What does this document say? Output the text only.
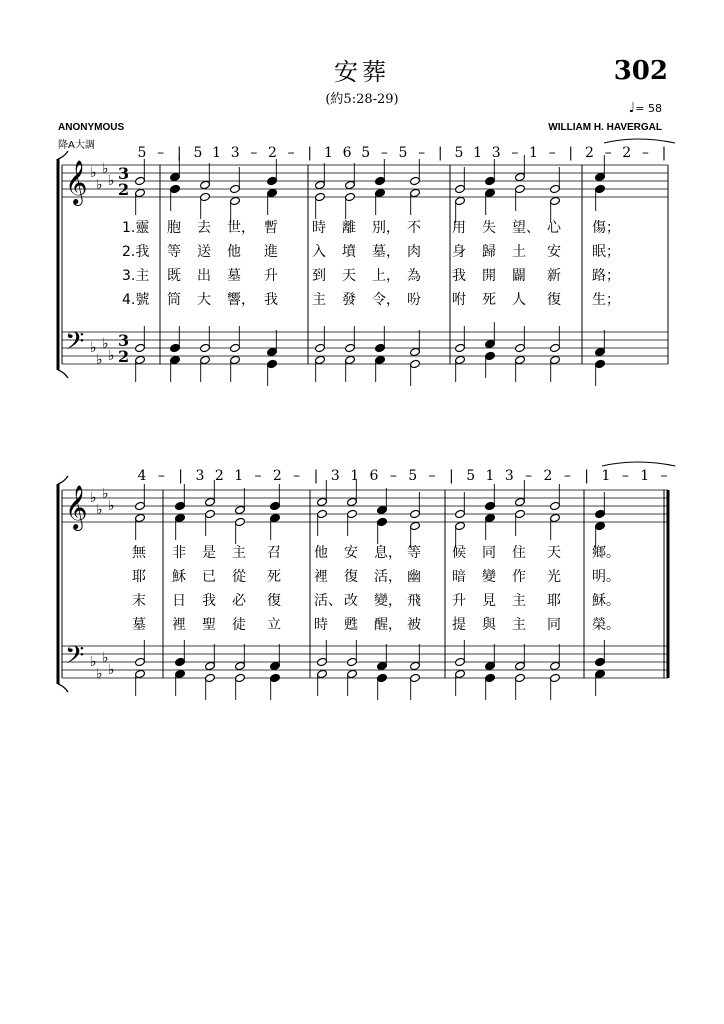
安葬
(約5:28-29)
302
♩= 58
ANONYMOUS
降A大調
WILLIAM H. HAVERGAL
𝄞
𝄢
♭
♭
♭
♭
♭
♭
♭
♭
3
2
3
2
5 – | 5 1 3 – 2 – | 1 6 5 – 5 – | 5 1 3 – 1 – | 2 – 2 – |
1.靈 胞 去 世， 暫 時 離 別， 不 用 失 望、 心 傷；
2.我 等 送 他 進 入 墳 墓， 肉 身 歸 土 安 眠；
3.主 既 出 墓 升 到 天 上， 為 我 開 闢 新 路；
4.號 筒 大 響， 我 主 發 令， 吩 咐 死 人 復 生；
𝄞
𝄢
♭
♭
♭
♭
♭
♭
♭
♭
4 – | 3 2 1 – 2 – | 3 1 6 – 5 – | 5 1 3 – 2 – | 1 – 1 –
無 非 是 主 召 他 安 息， 等 候 同 住 天 鄉。
耶 穌 已 從 死 裡 復 活， 幽 暗 變 作 光 明。
末 日 我 必 復 活、 改 變， 飛 升 見 主 耶 穌。
墓 裡 聖 徒 立 時 甦 醒， 被 提 與 主 同 榮。
